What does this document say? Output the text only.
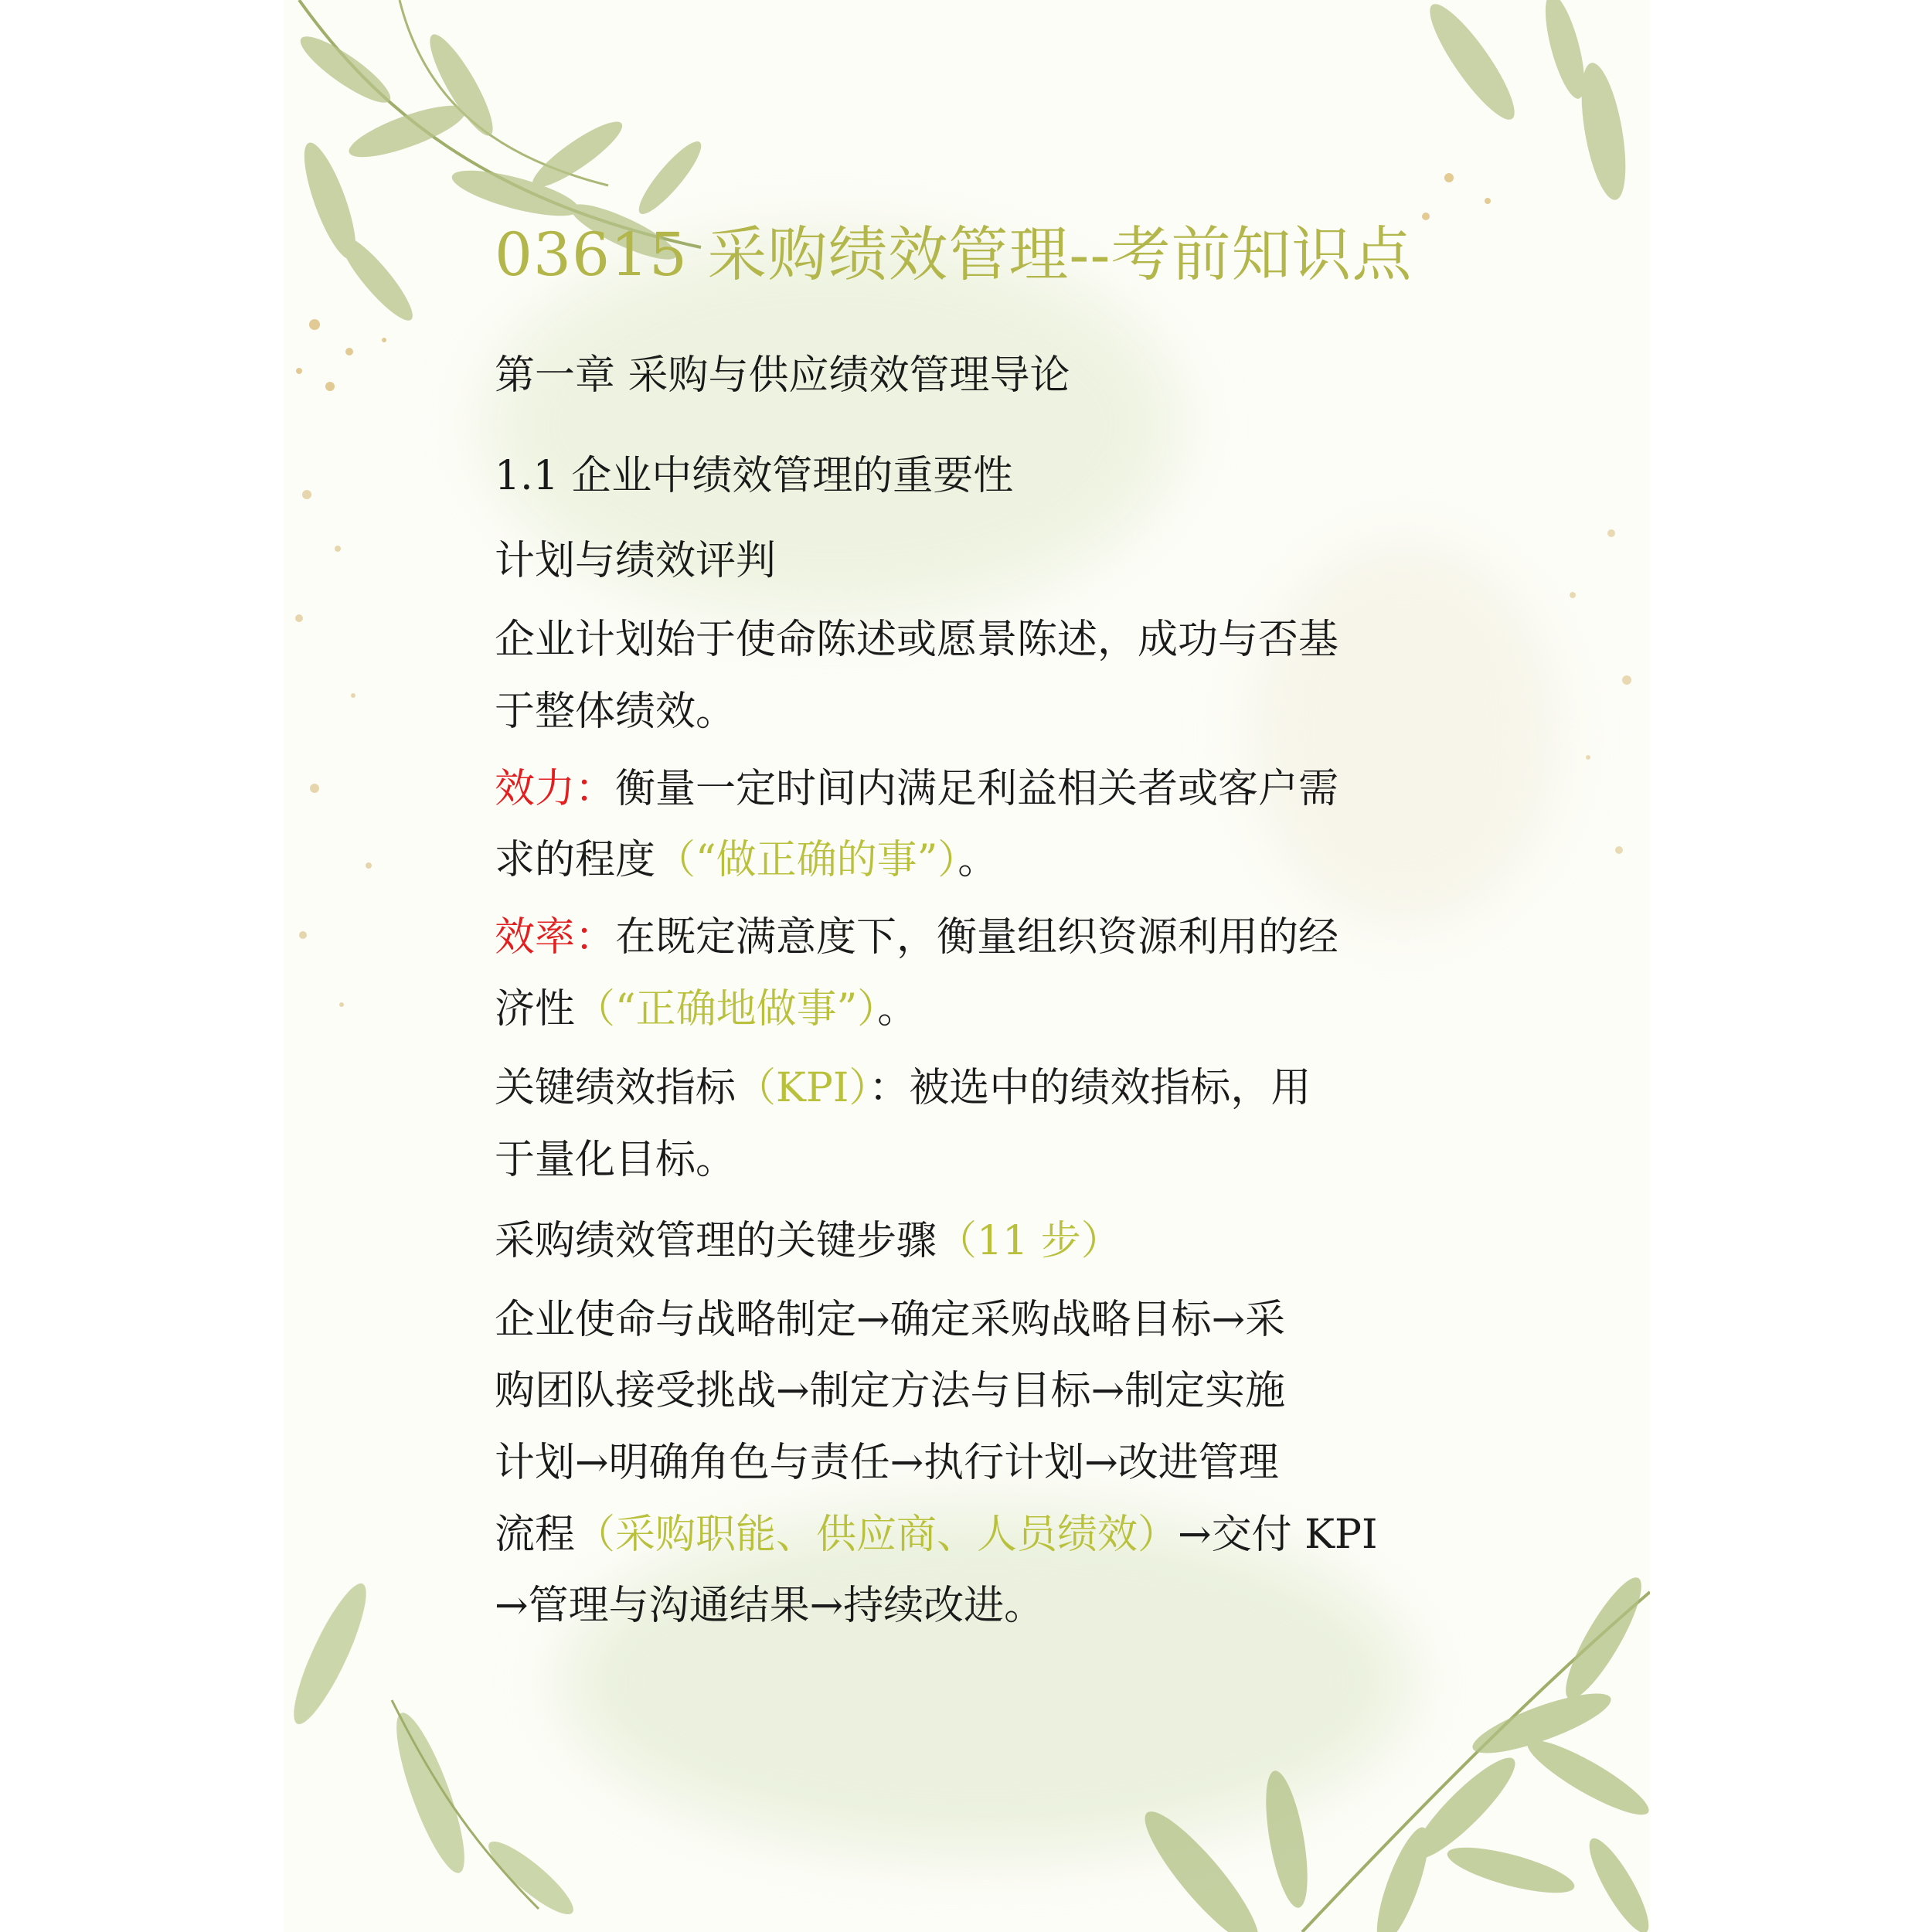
03615 采购绩效管理--考前知识点
第一章 采购与供应绩效管理导论
1.1 企业中绩效管理的重要性
计划与绩效评判
企业计划始于使命陈述或愿景陈述，成功与否基
于整体绩效。
效力：衡量一定时间内满足利益相关者或客户需
求的程度（“做正确的事”）。
效率：在既定满意度下，衡量组织资源利用的经
济性（“正确地做事”）。
关键绩效指标（KPI）：被选中的绩效指标，用
于量化目标。
采购绩效管理的关键步骤（11 步）
企业使命与战略制定→确定采购战略目标→采
购团队接受挑战→制定方法与目标→制定实施
计划→明确角色与责任→执行计划→改进管理
流程（采购职能、供应商、人员绩效）→交付 KPI
→管理与沟通结果→持续改进。
